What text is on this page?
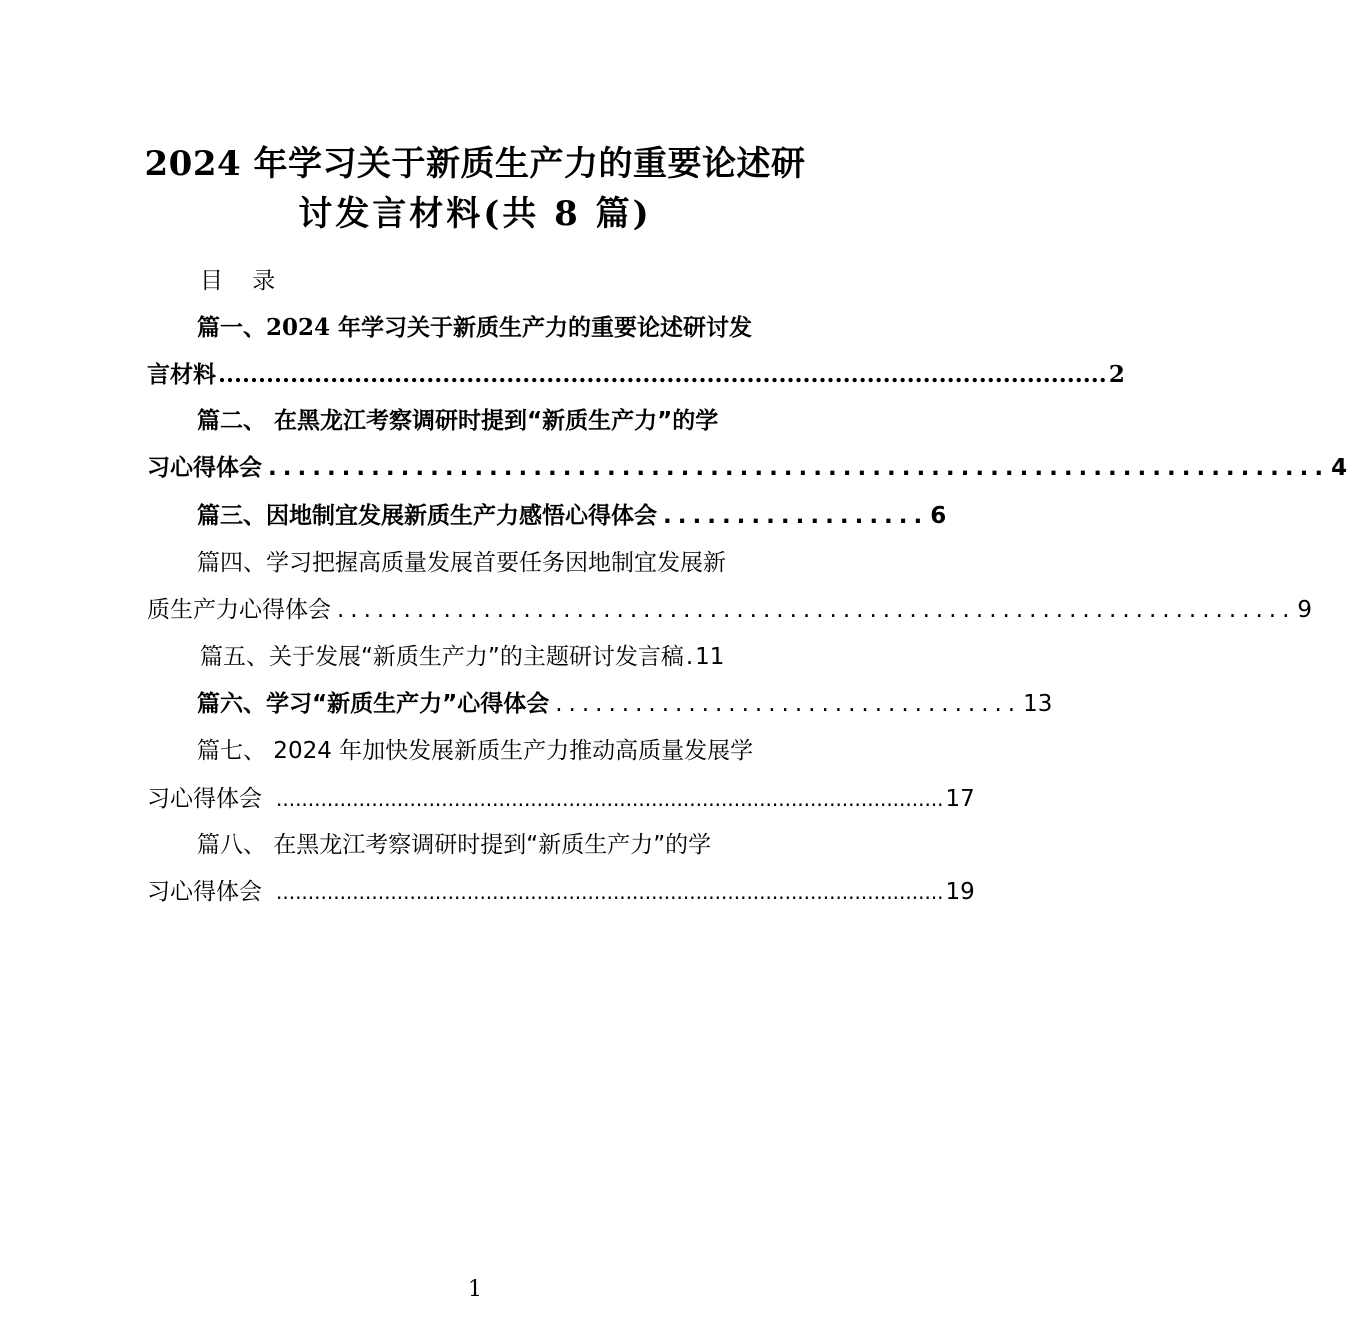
2024 年学习关于新质生产力的重要论述研
讨发言材料(共 8 篇)
目    录
篇一、2024 年学习关于新质生产力的重要论述研讨发
言材料 ............................................................................................................... 2
篇二、 在黑龙江考察调研时提到“新质生产力”的学
习心得体会 ........................................................................ 4
篇三、因地制宜发展新质生产力感悟心得体会 .................. 6
篇四、学习把握高质量发展首要任务因地制宜发展新
质生产力心得体会 ........................................................................ 9
篇五、关于发展“新质生产力”的主题研讨发言稿 . 11
篇六、学习“新质生产力”心得体会 ................................... 13
篇七、 2024 年加快发展新质生产力推动高质量发展学
习心得体会 ......................................................................................................... 17
篇八、 在黑龙江考察调研时提到“新质生产力”的学
习心得体会 ......................................................................................................... 19
1
